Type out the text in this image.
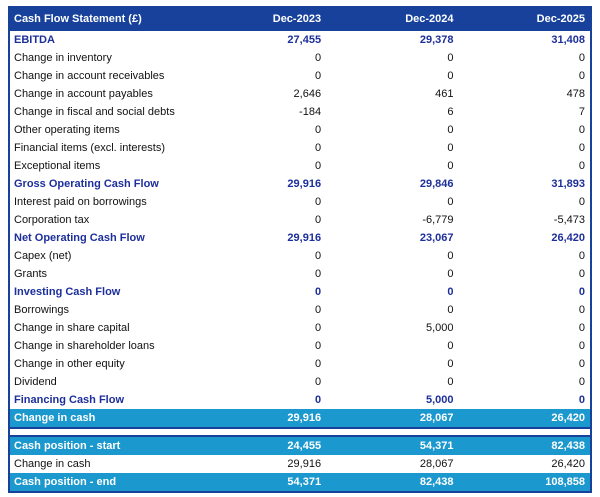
Cash Flow Statement (£)	Dec-2023	Dec-2024	Dec-2025
EBITDA	27,455	29,378	31,408
Change in inventory	0	0	0
Change in account receivables	0	0	0
Change in account payables	2,646	461	478
Change in fiscal and social debts	-184	6	7
Other operating items	0	0	0
Financial items (excl. interests)	0	0	0
Exceptional items	0	0	0
Gross Operating Cash Flow	29,916	29,846	31,893
Interest paid on borrowings	0	0	0
Corporation tax	0	-6,779	-5,473
Net Operating Cash Flow	29,916	23,067	26,420
Capex (net)	0	0	0
Grants	0	0	0
Investing Cash Flow	0	0	0
Borrowings	0	0	0
Change in share capital	0	5,000	0
Change in shareholder loans	0	0	0
Change in other equity	0	0	0
Dividend	0	0	0
Financing Cash Flow	0	5,000	0
Change in cash	29,916	28,067	26,420

Cash position - start	24,455	54,371	82,438
Change in cash	29,916	28,067	26,420
Cash position - end	54,371	82,438	108,858
